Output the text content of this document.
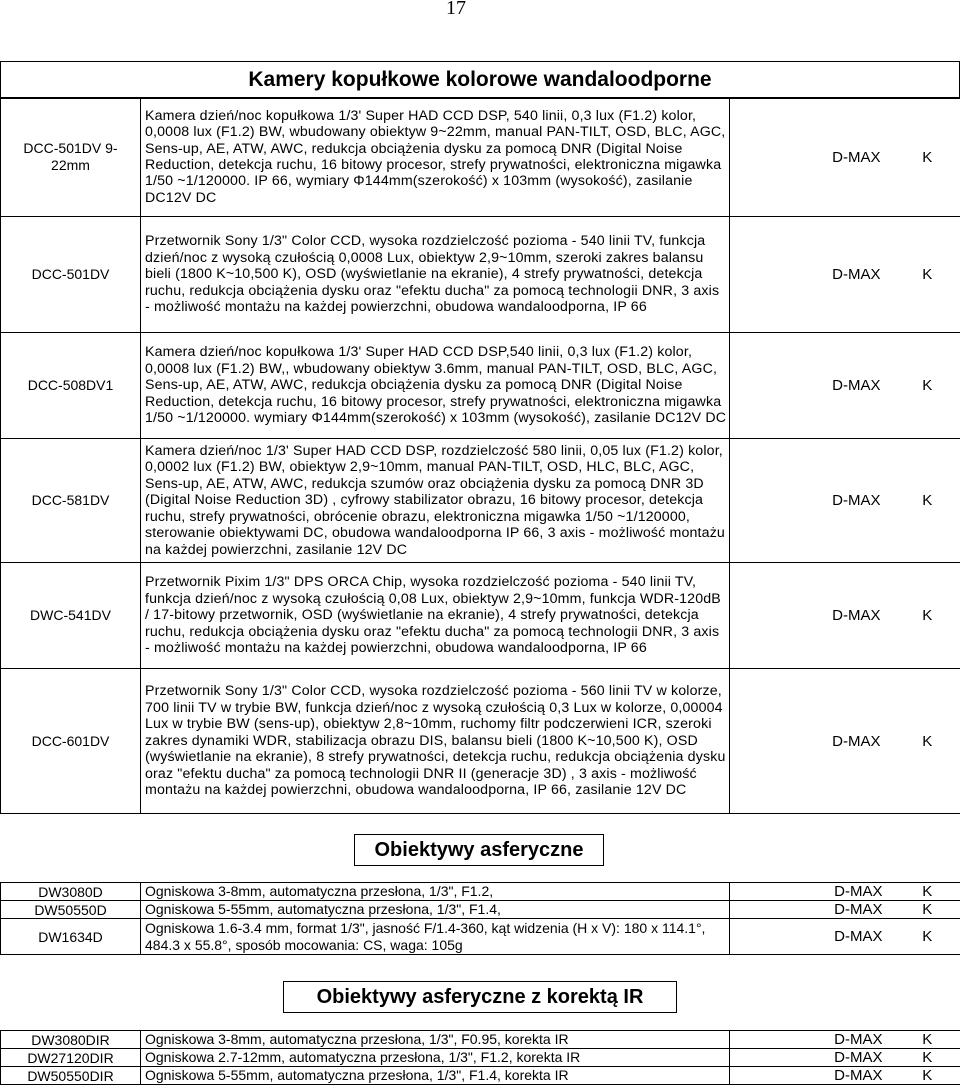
17
Kamery kopułkowe kolorowe wandaloodporne
DCC-501DV 9-22mm	Kamera dzień/noc kopułkowa 1/3' Super HAD CCD DSP, 540 linii, 0,3 lux (F1.2) kolor, 0,0008 lux (F1.2) BW, wbudowany obiektyw 9~22mm, manual PAN-TILT, OSD, BLC, AGC, Sens-up, AE, ATW, AWC, redukcja obciążenia dysku za pomocą DNR (Digital Noise Reduction, detekcja ruchu, 16 bitowy procesor, strefy prywatności, elektroniczna migawka 1/50 ~1/120000. IP 66, wymiary Φ144mm(szerokość) x 103mm (wysokość), zasilanie DC12V DC	D-MAX	K
DCC-501DV	Przetwornik Sony 1/3" Color CCD, wysoka rozdzielczość pozioma - 540 linii TV, funkcja dzień/noc z wysoką czułością 0,0008 Lux, obiektyw 2,9~10mm, szeroki zakres balansu bieli (1800 K~10,500 K), OSD (wyświetlanie na ekranie), 4 strefy prywatności, detekcja ruchu, redukcja obciążenia dysku oraz "efektu ducha" za pomocą technologii DNR, 3 axis - możliwość montażu na każdej powierzchni, obudowa wandaloodporna, IP 66	D-MAX	K
DCC-508DV1	Kamera dzień/noc kopułkowa 1/3' Super HAD CCD DSP,540 linii, 0,3 lux (F1.2) kolor, 0,0008 lux (F1.2) BW,, wbudowany obiektyw 3.6mm, manual PAN-TILT, OSD, BLC, AGC, Sens-up, AE, ATW, AWC, redukcja obciążenia dysku za pomocą DNR (Digital Noise Reduction, detekcja ruchu, 16 bitowy procesor, strefy prywatności, elektroniczna migawka 1/50 ~1/120000. wymiary Φ144mm(szerokość) x 103mm (wysokość), zasilanie DC12V DC	D-MAX	K
DCC-581DV	Kamera dzień/noc 1/3' Super HAD CCD DSP, rozdzielczość 580 linii, 0,05 lux (F1.2) kolor, 0,0002 lux (F1.2) BW, obiektyw 2,9~10mm, manual PAN-TILT, OSD, HLC, BLC, AGC, Sens-up, AE, ATW, AWC, redukcja szumów oraz obciążenia dysku za pomocą DNR 3D (Digital Noise Reduction 3D) , cyfrowy stabilizator obrazu, 16 bitowy procesor, detekcja ruchu, strefy prywatności, obrócenie obrazu, elektroniczna migawka 1/50 ~1/120000, sterowanie obiektywami DC, obudowa wandaloodporna IP 66, 3 axis - możliwość montażu na każdej powierzchni, zasilanie 12V DC	D-MAX	K
DWC-541DV	Przetwornik Pixim 1/3" DPS ORCA Chip, wysoka rozdzielczość pozioma - 540 linii TV, funkcja dzień/noc z wysoką czułością 0,08 Lux, obiektyw 2,9~10mm, funkcja WDR-120dB / 17-bitowy przetwornik, OSD (wyświetlanie na ekranie), 4 strefy prywatności, detekcja ruchu, redukcja obciążenia dysku oraz "efektu ducha" za pomocą technologii DNR, 3 axis - możliwość montażu na każdej powierzchni, obudowa wandaloodporna, IP 66	D-MAX	K
DCC-601DV	Przetwornik Sony 1/3" Color CCD, wysoka rozdzielczość pozioma - 560 linii TV w kolorze, 700 linii TV w trybie BW, funkcja dzień/noc z wysoką czułością 0,3 Lux w kolorze, 0,00004 Lux w trybie BW (sens-up), obiektyw 2,8~10mm, ruchomy filtr podczerwieni ICR, szeroki zakres dynamiki WDR, stabilizacja obrazu DIS, balansu bieli (1800 K~10,500 K), OSD (wyświetlanie na ekranie), 8 strefy prywatności, detekcja ruchu, redukcja obciążenia dysku oraz "efektu ducha" za pomocą technologii DNR II (generacje 3D) , 3 axis - możliwość montażu na każdej powierzchni, obudowa wandaloodporna, IP 66, zasilanie 12V DC	D-MAX	K
Obiektywy asferyczne
DW3080D	Ogniskowa 3-8mm, automatyczna przesłona, 1/3", F1.2,	D-MAX	K
DW50550D	Ogniskowa 5-55mm, automatyczna przesłona, 1/3", F1.4,	D-MAX	K
DW1634D	Ogniskowa 1.6-3.4 mm, format 1/3", jasność F/1.4-360, kąt widzenia (H x V): 180 x 114.1°, 484.3 x 55.8°, sposób mocowania: CS, waga: 105g	D-MAX	K
Obiektywy asferyczne z korektą IR
DW3080DIR	Ogniskowa 3-8mm, automatyczna przesłona, 1/3", F0.95, korekta IR	D-MAX	K
DW27120DIR	Ogniskowa 2.7-12mm, automatyczna przesłona, 1/3", F1.2, korekta IR	D-MAX	K
DW50550DIR	Ogniskowa 5-55mm, automatyczna przesłona, 1/3", F1.4, korekta IR	D-MAX	K
